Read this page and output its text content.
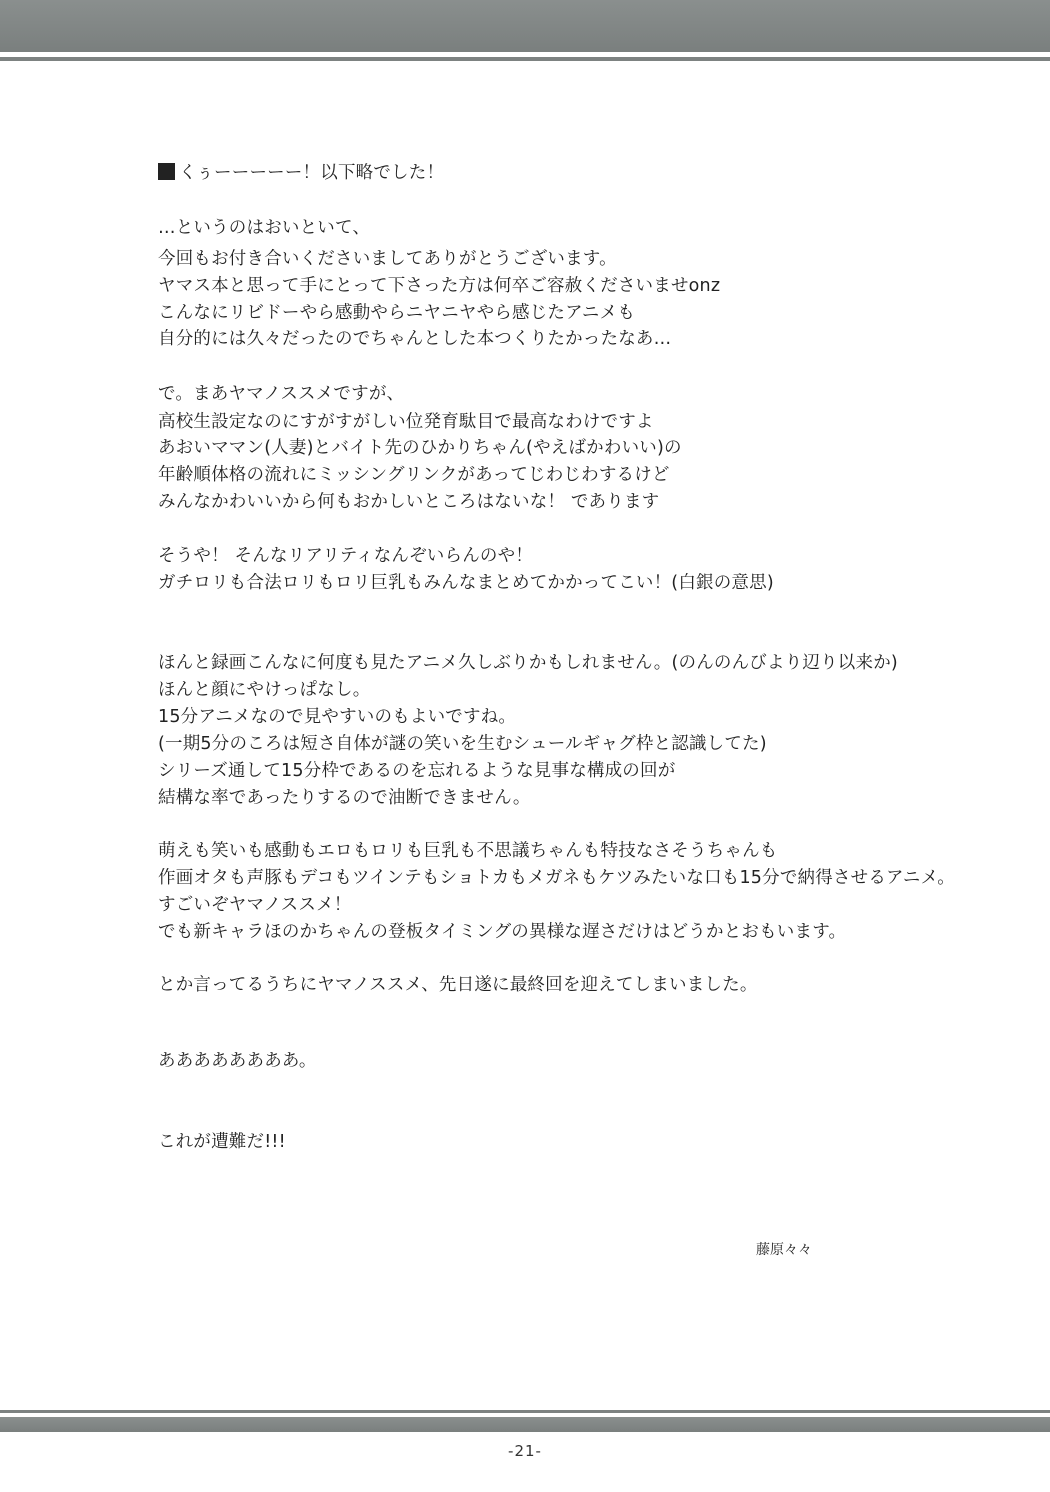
くぅーーーーー！以下略でした！
…というのはおいといて、
今回もお付き合いくださいましてありがとうございます。
ヤマス本と思って手にとって下さった方は何卒ご容赦くださいませonz
こんなにリビドーやら感動やらニヤニヤやら感じたアニメも
自分的には久々だったのでちゃんとした本つくりたかったなあ…
で。まあヤマノススメですが、
高校生設定なのにすがすがしい位発育駄目で最高なわけですよ
あおいママン(人妻)とバイト先のひかりちゃん(やえばかわいい)の
年齢順体格の流れにミッシングリンクがあってじわじわするけど
みんなかわいいから何もおかしいところはないな！ であります
そうや！ そんなリアリティなんぞいらんのや！
ガチロリも合法ロリもロリ巨乳もみんなまとめてかかってこい！(白銀の意思)
ほんと録画こんなに何度も見たアニメ久しぶりかもしれません。(のんのんびより辺り以来か)
ほんと顔にやけっぱなし。
15分アニメなので見やすいのもよいですね。
(一期5分のころは短さ自体が謎の笑いを生むシュールギャグ枠と認識してた)
シリーズ通して15分枠であるのを忘れるような見事な構成の回が
結構な率であったりするので油断できません。
萌えも笑いも感動もエロもロリも巨乳も不思議ちゃんも特技なさそうちゃんも
作画オタも声豚もデコもツインテもショトカもメガネもケツみたいな口も15分で納得させるアニメ。
すごいぞヤマノススメ！
でも新キャラほのかちゃんの登板タイミングの異様な遅さだけはどうかとおもいます。
とか言ってるうちにヤマノススメ、先日遂に最終回を迎えてしまいました。
ああああああああ。
これが遭難だ!!!
藤原々々
-21-
